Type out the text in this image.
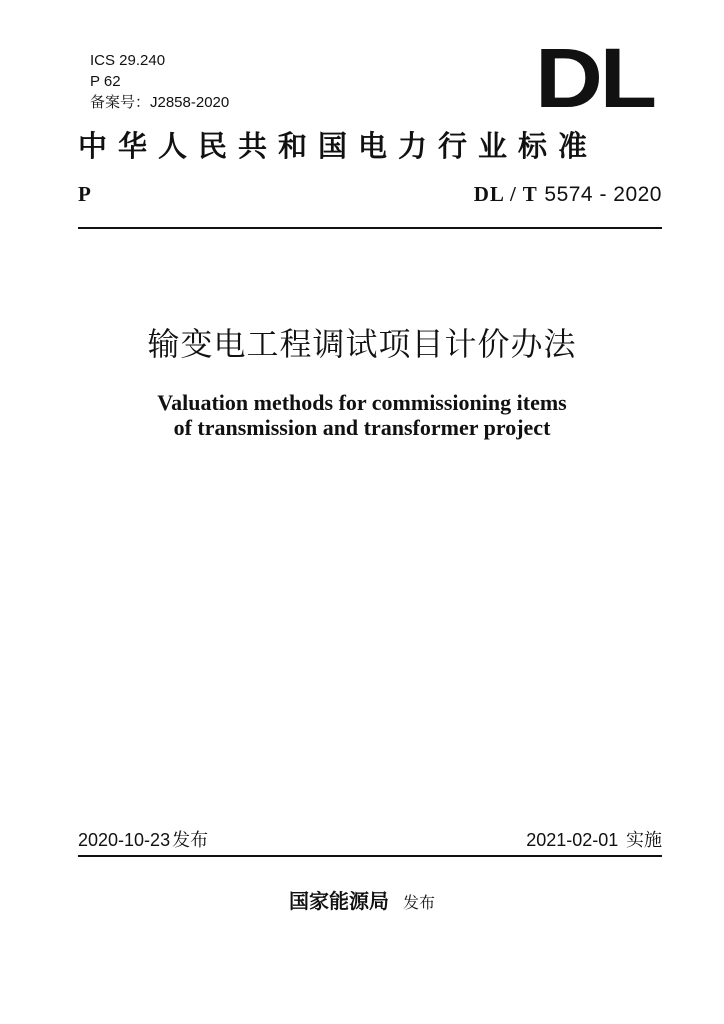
ICS 29.240
P 62
备案号：J2858-2020	DL
中华人民共和国电力行业标准
P	DL / T 5574 - 2020
输变电工程调试项目计价办法
Valuation methods for commissioning items
of transmission and transformer project
2020-10-23 发布	2021-02-01 实施
国家能源局 发布
